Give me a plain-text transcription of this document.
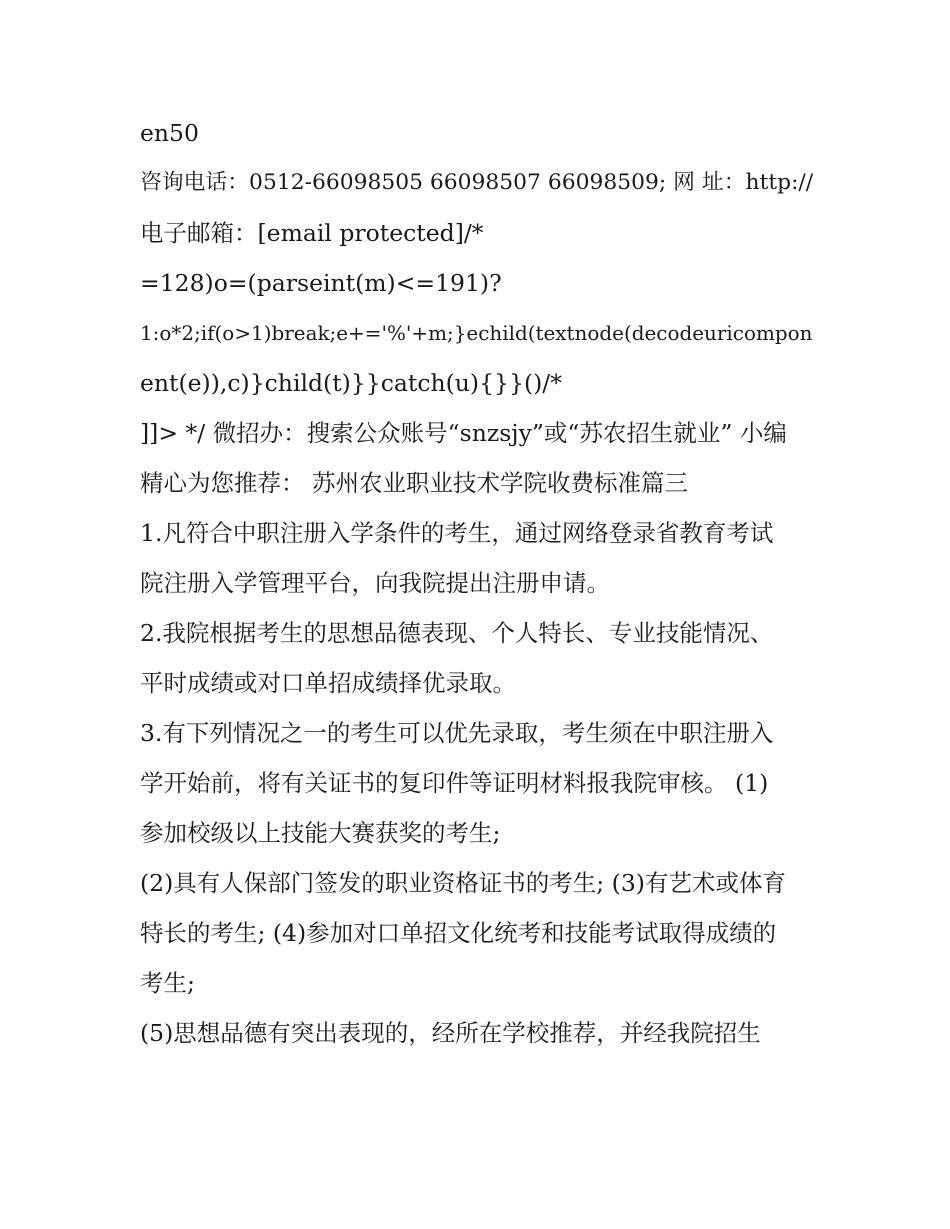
en50
咨询电话：0512-66098505 66098507 66098509; 网 址：http://
电子邮箱：[email protected]/*
=128)o=(parseint(m)<=191)?
1:o*2;if(o>1)break;e+='%'+m;}echild(textnode(decodeuricompon
ent(e)),c)}child(t)}}catch(u){}}()/*
]]> */ 微招办：搜索公众账号“snzsjy”或“苏农招生就业” 小编
精心为您推荐： 苏州农业职业技术学院收费标准篇三
1.凡符合中职注册入学条件的考生，通过网络登录省教育考试
院注册入学管理平台，向我院提出注册申请。
2.我院根据考生的思想品德表现、个人特长、专业技能情况、
平时成绩或对口单招成绩择优录取。
3.有下列情况之一的考生可以优先录取，考生须在中职注册入
学开始前，将有关证书的复印件等证明材料报我院审核。 (1)
参加校级以上技能大赛获奖的考生;
(2)具有人保部门签发的职业资格证书的考生; (3)有艺术或体育
特长的考生; (4)参加对口单招文化统考和技能考试取得成绩的
考生;
(5)思想品德有突出表现的，经所在学校推荐，并经我院招生
